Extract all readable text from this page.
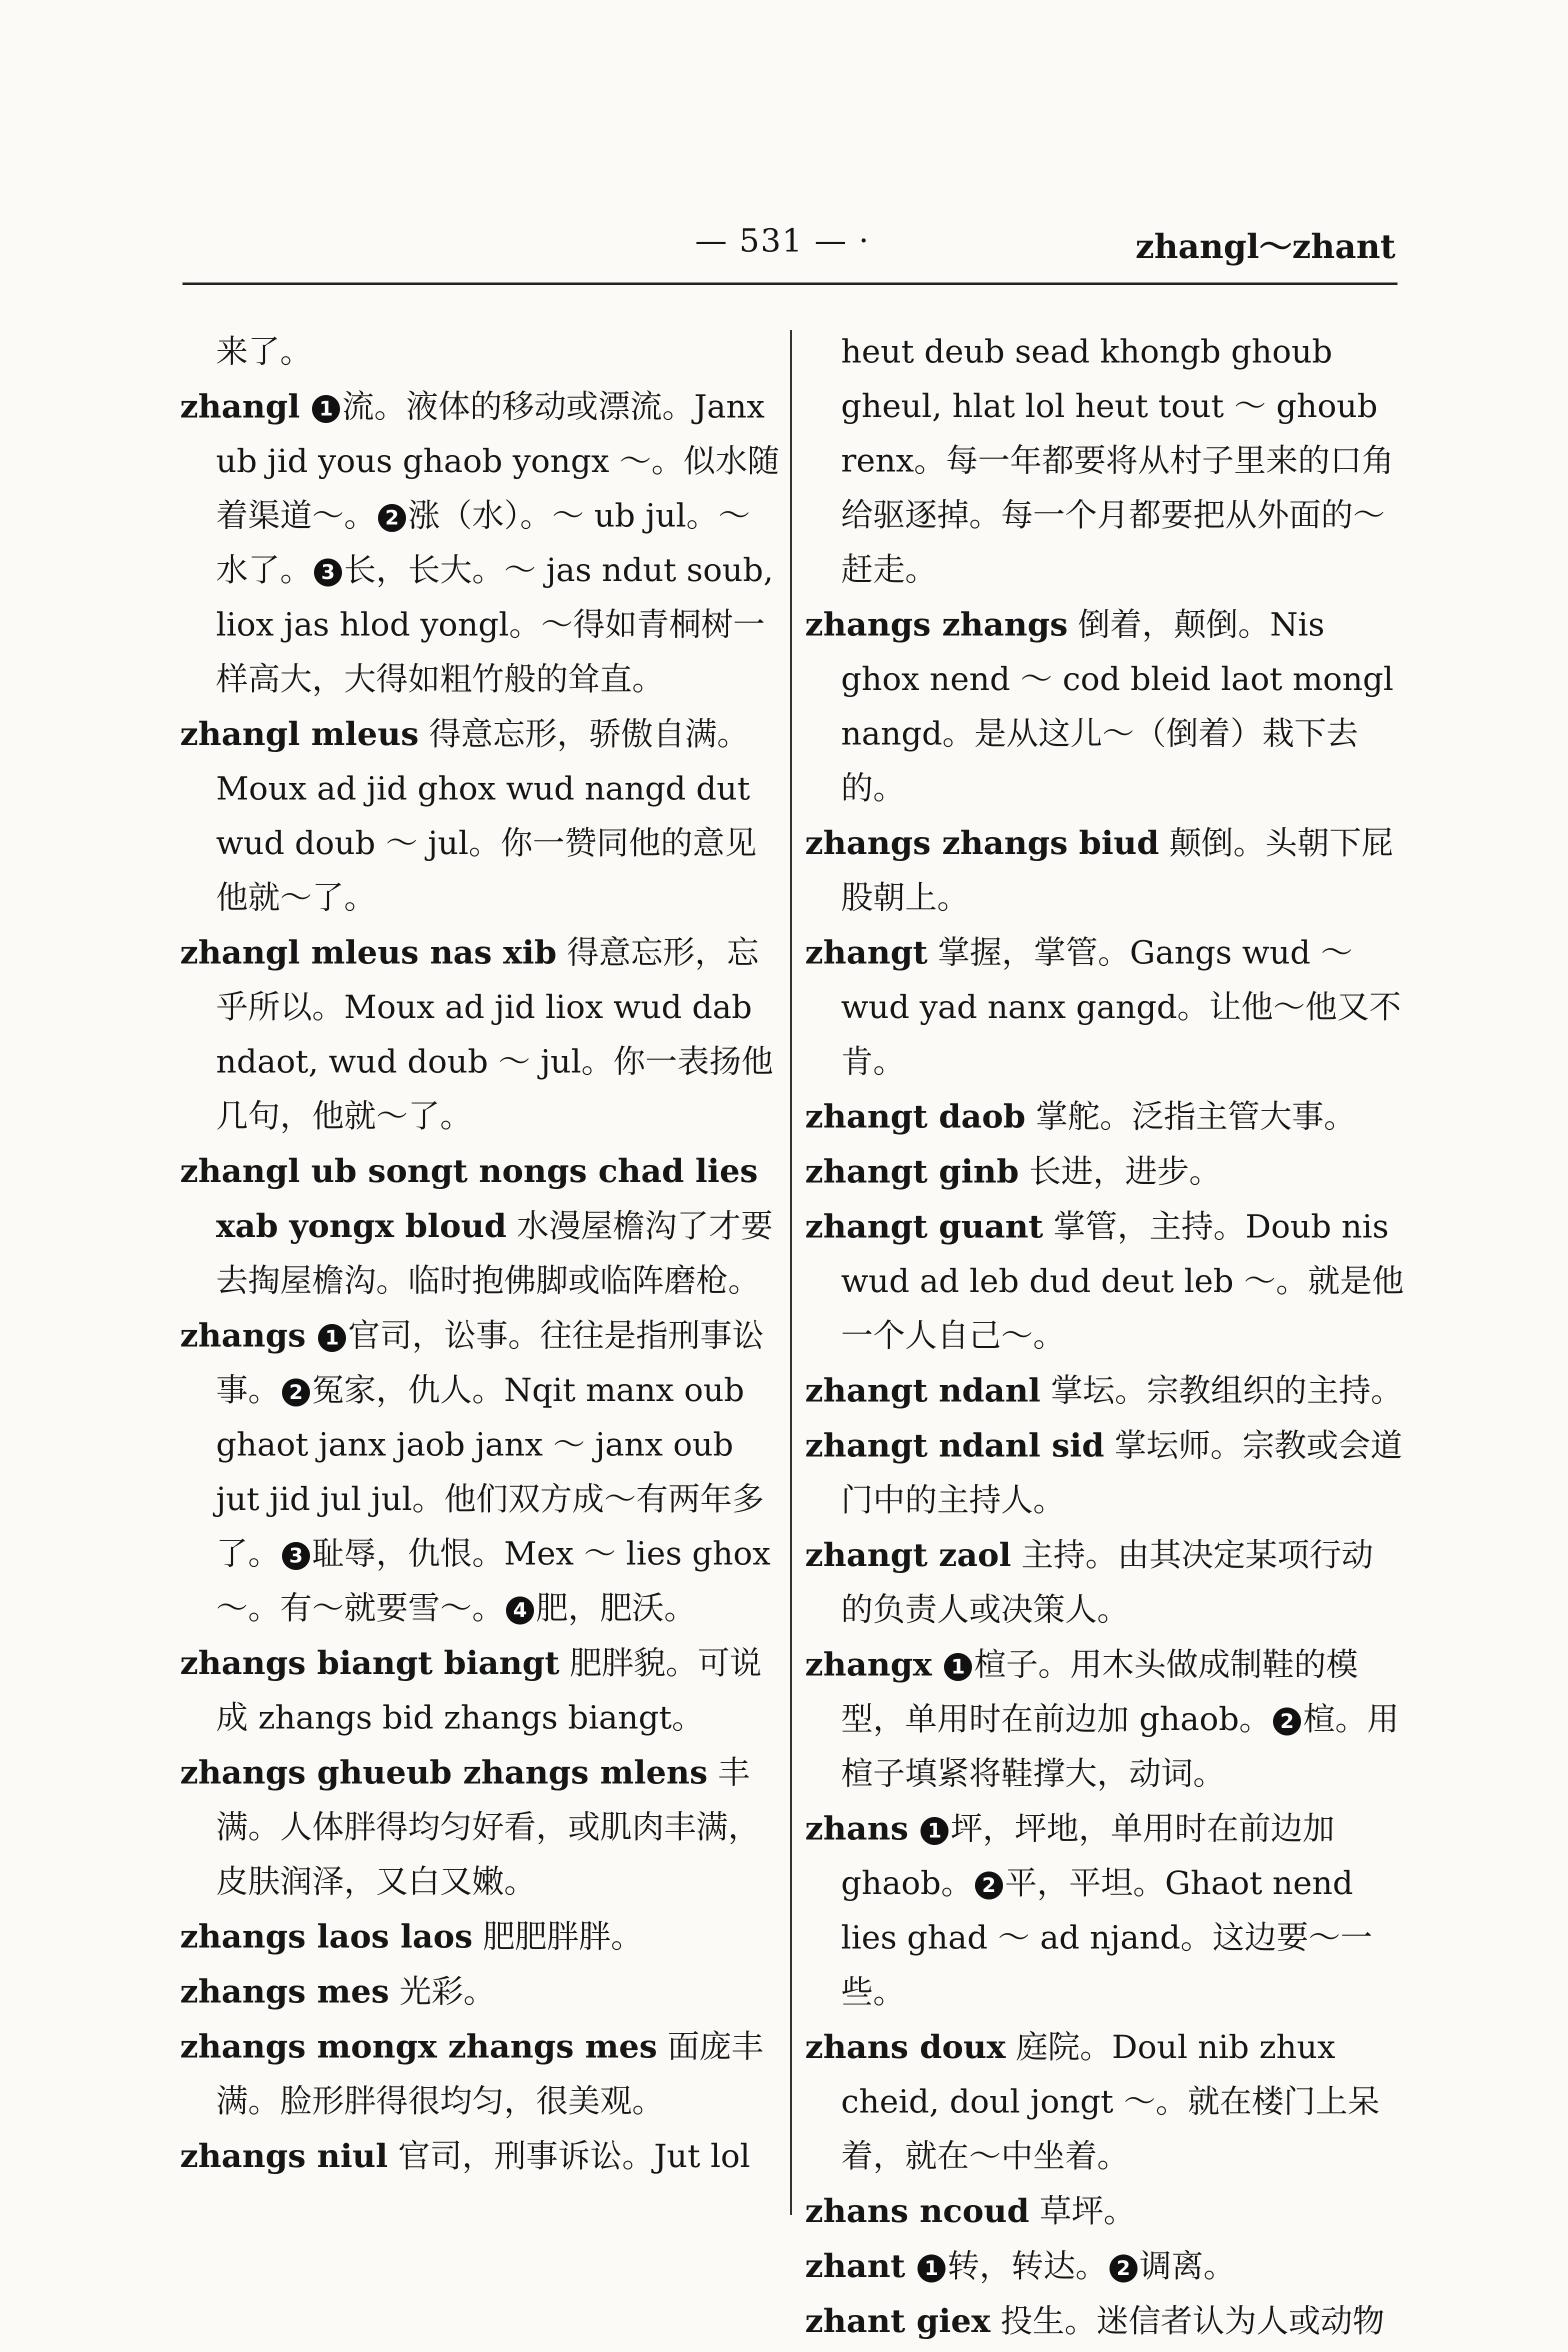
— 531 — ·	zhangl～zhant

来了。

zhangl 1 流。液体的移动或漂流。Janx ub jid yous ghaob yongx ～。似水随着渠道～。 2 涨（水）。～ ub jul。～水了。 3 长，长大。～ jas ndut soub, liox jas hlod yongl。～得如青桐树一样高大，大得如粗竹般的耸直。

zhangl mleus 得意忘形，骄傲自满。Moux ad jid ghox wud nangd dut wud doub ～ jul。你一赞同他的意见他就～了。

zhangl mleus nas xib 得意忘形，忘乎所以。Moux ad jid liox wud dab ndaot, wud doub ～ jul。你一表扬他几句，他就～了。

zhangl ub songt nongs chad lies xab yongx bloud 水漫屋檐沟了才要去掏屋檐沟。临时抱佛脚或临阵磨枪。

zhangs 1 官司，讼事。往往是指刑事讼事。 2 冤家，仇人。Nqit manx oub ghaot janx jaob janx ～ janx oub jut jid jul jul。他们双方成～有两年多了。 3 耻辱，仇恨。Mex ～ lies ghox ～。有～就要雪～。 4 肥，肥沃。

zhangs biangt biangt 肥胖貌。可说成 zhangs bid zhangs biangt。

zhangs ghueub zhangs mlens 丰满。人体胖得均匀好看，或肌肉丰满，皮肤润泽，又白又嫩。

zhangs laos laos 肥肥胖胖。

zhangs mes 光彩。

zhangs mongx zhangs mes 面庞丰满。脸形胖得很均匀，很美观。

zhangs niul 官司，刑事诉讼。Jut lol

heut deub sead khongb ghoub gheul, hlat lol heut tout ～ ghoub renx。每一年都要将从村子里来的口角给驱逐掉。每一个月都要把从外面的～赶走。

zhangs zhangs 倒着，颠倒。Nis ghox nend ～ cod bleid laot mongl nangd。是从这儿～（倒着）栽下去的。

zhangs zhangs biud 颠倒。头朝下屁股朝上。

zhangt 掌握，掌管。Gangs wud ～ wud yad nanx gangd。让他～他又不肯。

zhangt daob 掌舵。泛指主管大事。

zhangt ginb 长进，进步。

zhangt guant 掌管，主持。Doub nis wud ad leb dud deut leb ～。就是他一个人自己～。

zhangt ndanl 掌坛。宗教组织的主持。

zhangt ndanl sid 掌坛师。宗教或会道门中的主持人。

zhangt zaol 主持。由其决定某项行动的负责人或决策人。

zhangx 1 楦子。用木头做成制鞋的模型，单用时在前边加 ghaob。 2 楦。用楦子填紧将鞋撑大，动词。

zhans 1 坪，坪地，单用时在前边加 ghaob。 2 平，平坦。Ghaot nend lies ghad ～ ad njand。这边要～一些。

zhans doux 庭院。Doul nib zhux cheid, doul jongt ～。就在楼门上呆着，就在～中坐着。

zhans ncoud 草坪。

zhant 1 转，转达。 2 调离。

zhant giex 投生。迷信者认为人或动物
